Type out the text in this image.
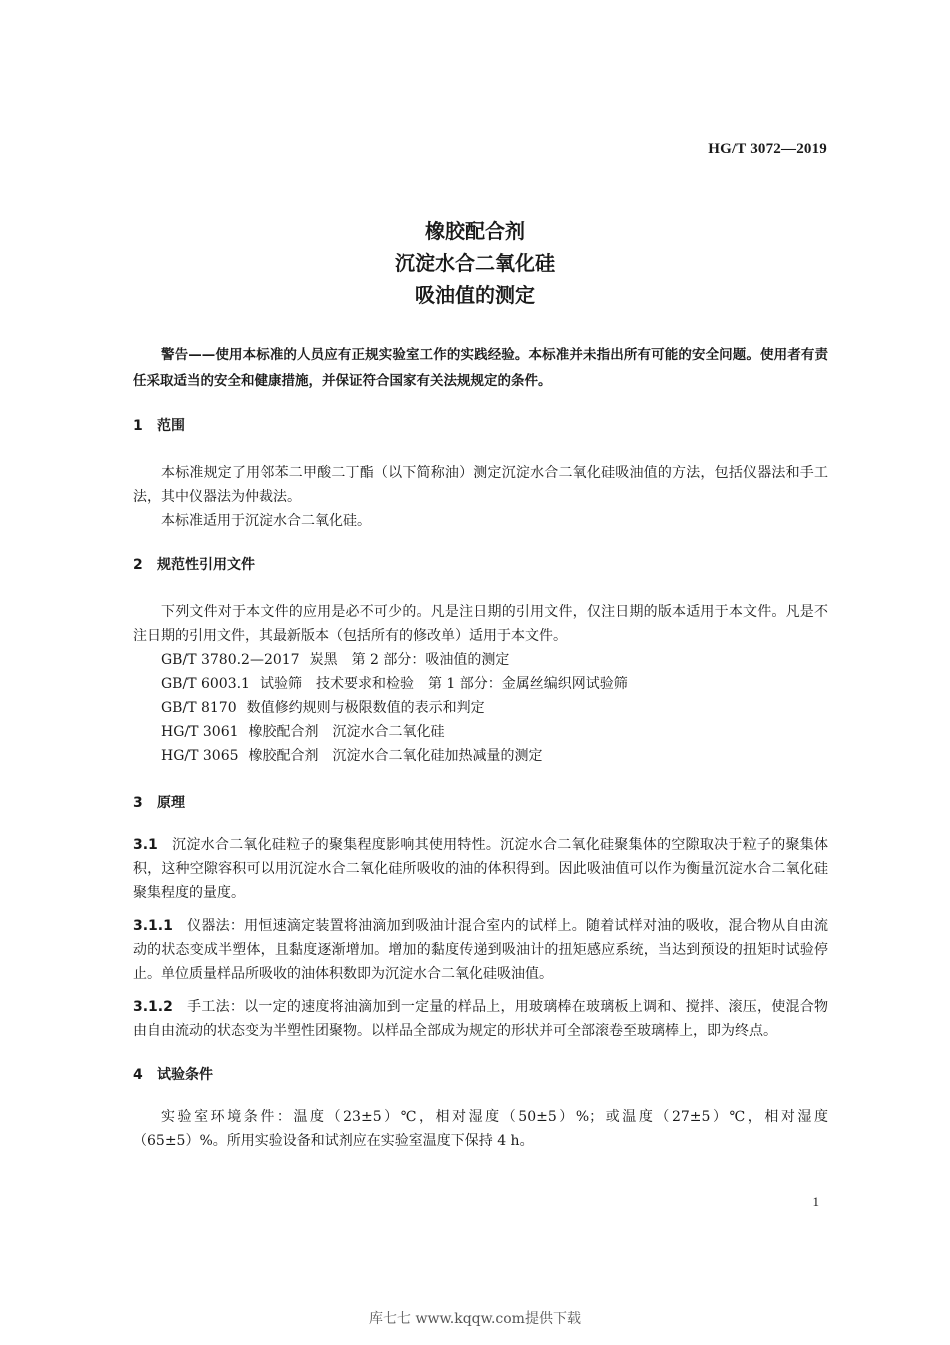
HG/T 3072—2019
橡胶配合剂
沉淀水合二氧化硅
吸油值的测定

警告——使用本标准的人员应有正规实验室工作的实践经验。本标准并未指出所有可能的安全问题。使用者有责任采取适当的安全和健康措施，并保证符合国家有关法规规定的条件。

1 范围

本标准规定了用邻苯二甲酸二丁酯（以下简称油）测定沉淀水合二氧化硅吸油值的方法，包括仪器法和手工法，其中仪器法为仲裁法。

本标准适用于沉淀水合二氧化硅。

2 规范性引用文件

下列文件对于本文件的应用是必不可少的。凡是注日期的引用文件，仅注日期的版本适用于本文件。凡是不注日期的引用文件，其最新版本（包括所有的修改单）适用于本文件。

GB/T 3780.2—2017 炭黑　第 2 部分：吸油值的测定

GB/T 6003.1 试验筛　技术要求和检验　第 1 部分：金属丝编织网试验筛

GB/T 8170 数值修约规则与极限数值的表示和判定

HG/T 3061 橡胶配合剂　沉淀水合二氧化硅

HG/T 3065 橡胶配合剂　沉淀水合二氧化硅加热减量的测定

3 原理

3.1 沉淀水合二氧化硅粒子的聚集程度影响其使用特性。沉淀水合二氧化硅聚集体的空隙取决于粒子的聚集体积，这种空隙容积可以用沉淀水合二氧化硅所吸收的油的体积得到。因此吸油值可以作为衡量沉淀水合二氧化硅聚集程度的量度。

3.1.1 仪器法：用恒速滴定装置将油滴加到吸油计混合室内的试样上。随着试样对油的吸收，混合物从自由流动的状态变成半塑体，且黏度逐渐增加。增加的黏度传递到吸油计的扭矩感应系统，当达到预设的扭矩时试验停止。单位质量样品所吸收的油体积数即为沉淀水合二氧化硅吸油值。

3.1.2 手工法：以一定的速度将油滴加到一定量的样品上，用玻璃棒在玻璃板上调和、搅拌、滚压，使混合物由自由流动的状态变为半塑性团聚物。以样品全部成为规定的形状并可全部滚卷至玻璃棒上，即为终点。

4 试验条件

实验室环境条件：温度（23±5）℃，相对湿度（50±5）%；或温度（27±5）℃，相对湿度（65±5）%。所用实验设备和试剂应在实验室温度下保持 4 h。

1
库七七 www.kqqw.com提供下载
